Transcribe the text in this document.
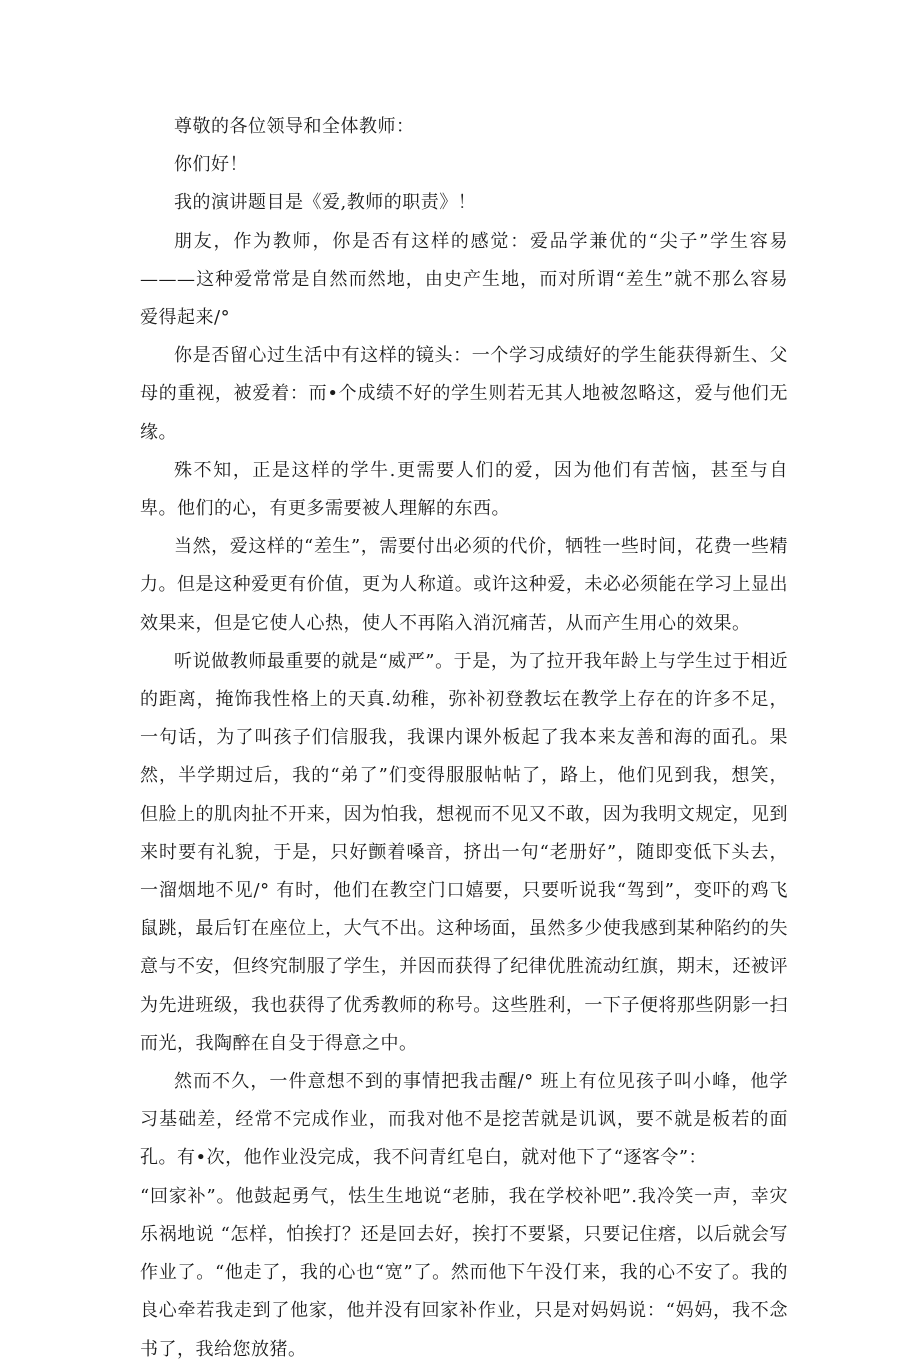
尊敬的各位领导和全体教师：

你们好！

我的演讲题目是《爱,教师的职责》！

朋友，作为教师，你是否有这样的感觉：爱品学兼优的“尖子”学生容易———这种爱常常是自然而然地，由史产生地，而对所谓“差生”就不那么容易爱得起来/°

你是否留心过生活中有这样的镜头：一个学习成绩好的学生能获得新生、父母的重视，被爱着：而•个成绩不好的学生则若无其人地被忽略这，爱与他们无缘。

殊不知，正是这样的学牛.更需要人们的爱，因为他们有苦恼，甚至与自卑。他们的心，有更多需要被人理解的东西。

当然，爱这样的“差生”，需要付出必须的代价，牺牲一些时间，花费一些精力。但是这种爱更有价值，更为人称道。或许这种爱，未必必须能在学习上显出效果来，但是它使人心热，使人不再陷入消沉痛苦，从而产生用心的效果。

听说做教师最重要的就是“威严”。于是，为了拉开我年龄上与学生过于相近的距离，掩饰我性格上的天真.幼稚，弥补初登教坛在教学上存在的许多不足，一句话，为了叫孩子们信服我，我课内课外板起了我本来友善和海的面孔。果然，半学期过后，我的“弟了”们变得服服帖帖了，路上，他们见到我，想笑，但脸上的肌肉扯不开来，因为怕我，想视而不见又不敢，因为我明文规定，见到来时要有礼貌，于是，只好颤着嗓音，挤出一句“老册好”，随即变低下头去，一溜烟地不见/° 有时，他们在教空门口嬉要，只要听说我“驾到”，变吓的鸡飞鼠跳，最后钉在座位上，大气不出。这种场面，虽然多少使我感到某种陷约的失意与不安，但终究制服了学生，并因而获得了纪律优胜流动红旗，期末，还被评为先进班级，我也获得了优秀教师的称号。这些胜利，一下子便将那些阴影一扫而光，我陶醉在自殳于得意之中。

然而不久，一件意想不到的事情把我击醒/° 班上有位见孩子叫小峰，他学习基础差，经常不完成作业，而我对他不是挖苦就是讥讽，要不就是板若的面孔。有•次，他作业没完成，我不问青红皂白，就对他下了“逐客令”：

“回家补”。他鼓起勇气，怯生生地说“老肺，我在学校补吧”.我冷笑一声，幸灾乐祸地说 “怎样，怕挨打？还是回去好，挨打不要紧，只要记住瘩，以后就会写作业了。“他走了，我的心也“宽”了。然而他下午没仃来，我的心不安了。我的良心牵若我走到了他家，他并没有回家补作业，只是对妈妈说：“妈妈，我不念书了，我给您放猪。
